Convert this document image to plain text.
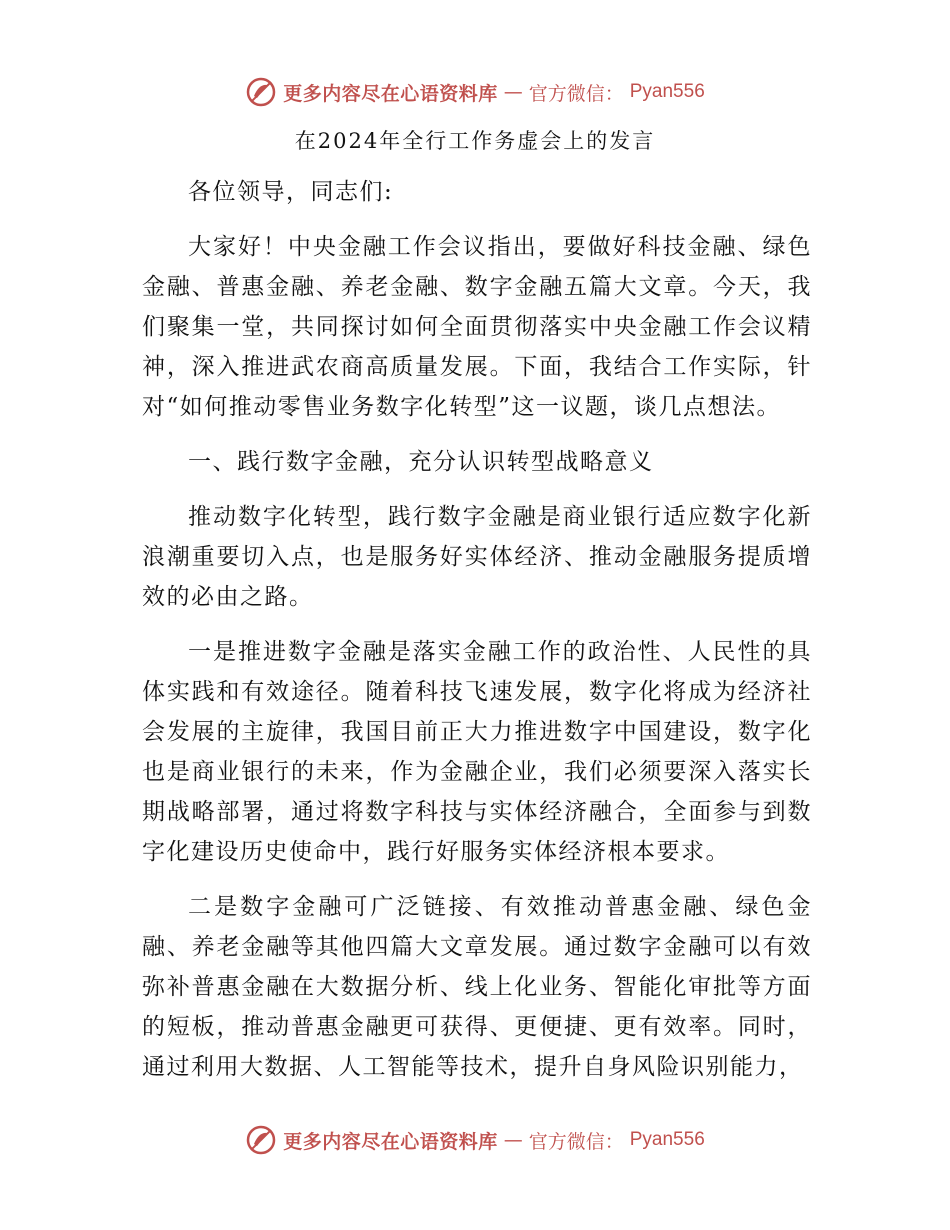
更多内容尽在心语资料库 — 官方微信： Pyan556
在2024年全行工作务虚会上的发言

各位领导，同志们:

大家好！中央金融工作会议指出，要做好科技金融、绿色金融、普惠金融、养老金融、数字金融五篇大文章。今天，我们聚集一堂，共同探讨如何全面贯彻落实中央金融工作会议精神，深入推进武农商高质量发展。下面，我结合工作实际，针对“如何推动零售业务数字化转型”这一议题，谈几点想法。

一、践行数字金融，充分认识转型战略意义

推动数字化转型，践行数字金融是商业银行适应数字化新浪潮重要切入点，也是服务好实体经济、推动金融服务提质增效的必由之路。

一是推进数字金融是落实金融工作的政治性、人民性的具体实践和有效途径。随着科技飞速发展，数字化将成为经济社会发展的主旋律，我国目前正大力推进数字中国建设，数字化也是商业银行的未来，作为金融企业，我们必须要深入落实长期战略部署，通过将数字科技与实体经济融合，全面参与到数字化建设历史使命中，践行好服务实体经济根本要求。

二是数字金融可广泛链接、有效推动普惠金融、绿色金融、养老金融等其他四篇大文章发展。通过数字金融可以有效弥补普惠金融在大数据分析、线上化业务、智能化审批等方面的短板，推动普惠金融更可获得、更便捷、更有效率。同时，通过利用大数据、人工智能等技术，提升自身风险识别能力，

更多内容尽在心语资料库 — 官方微信： Pyan556
